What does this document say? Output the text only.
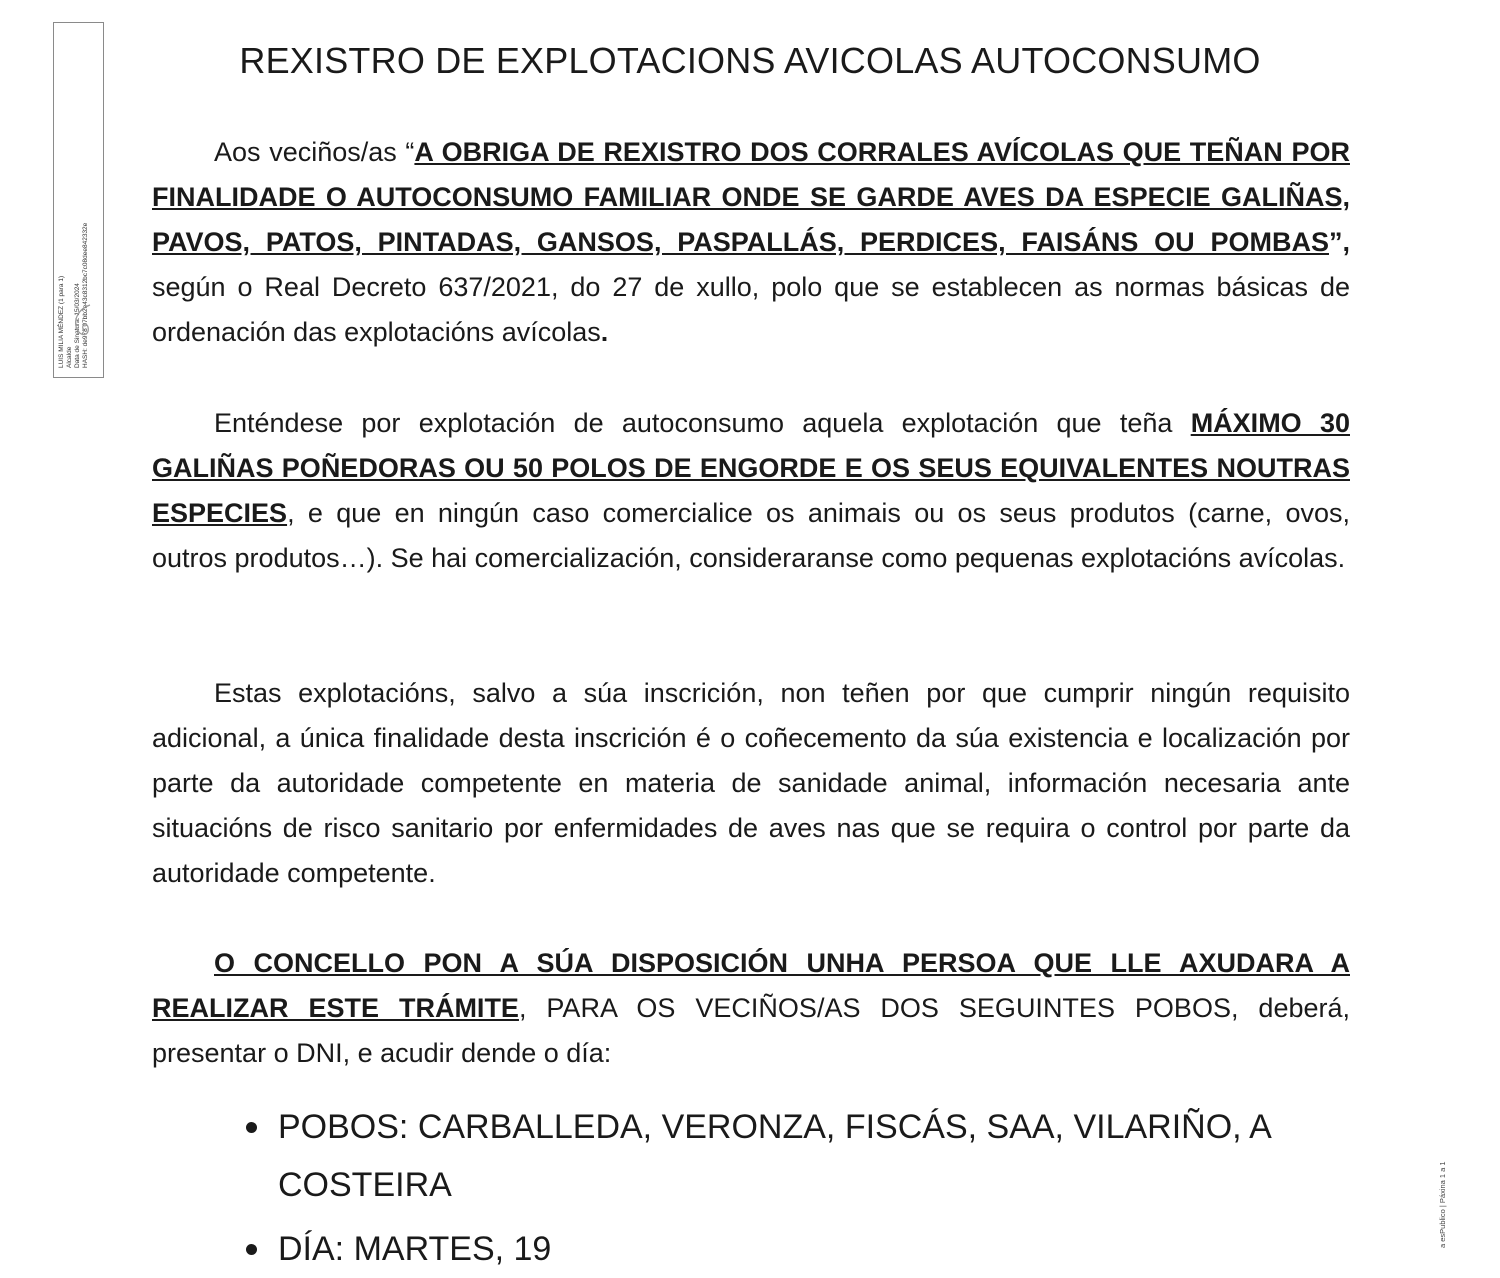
LUIS MILIA MÉNDEZ (1 para 1) Alcalde Data de Sinatura: 15/03/2024 HASH: de978 07bb2e43c8312bc7c08dee842332e
a esPublico | Páxina 1 a 1
REXISTRO DE EXPLOTACIONS AVICOLAS AUTOCONSUMO

Aos veciños/as “A OBRIGA DE REXISTRO DOS CORRALES AVÍCOLAS QUE TEÑAN POR FINALIDADE O AUTOCONSUMO FAMILIAR ONDE SE GARDE AVES DA ESPECIE GALIÑAS, PAVOS, PATOS, PINTADAS, GANSOS, PASPALLÁS, PERDICES, FAISÁNS OU POMBAS”, según o Real Decreto 637/2021, do 27 de xullo, polo que se establecen as normas básicas de ordenación das explotacións avícolas.

Enténdese por explotación de autoconsumo aquela explotación que teña MÁXIMO 30 GALIÑAS POÑEDORAS OU 50 POLOS DE ENGORDE E OS SEUS EQUIVALENTES NOUTRAS ESPECIES, e que en ningún caso comercialice os animais ou os seus produtos (carne, ovos, outros produtos…). Se hai comercialización, consideraranse como pequenas explotacións avícolas.

Estas explotacións, salvo a súa inscrición, non teñen por que cumprir ningún requisito adicional, a única finalidade desta inscrición é o coñecemento da súa existencia e localización por parte da autoridade competente en materia de sanidade animal, información necesaria ante situacións de risco sanitario por enfermidades de aves nas que se requira o control por parte da autoridade competente.

O CONCELLO PON A SÚA DISPOSICIÓN UNHA PERSOA QUE LLE AXUDARA A REALIZAR ESTE TRÁMITE, PARA OS VECIÑOS/AS DOS SEGUINTES POBOS, deberá, presentar o DNI, e acudir dende o día:

POBOS: CARBALLEDA, VERONZA, FISCÁS, SAA, VILARIÑO, A COSTEIRA
DÍA: MARTES, 19
